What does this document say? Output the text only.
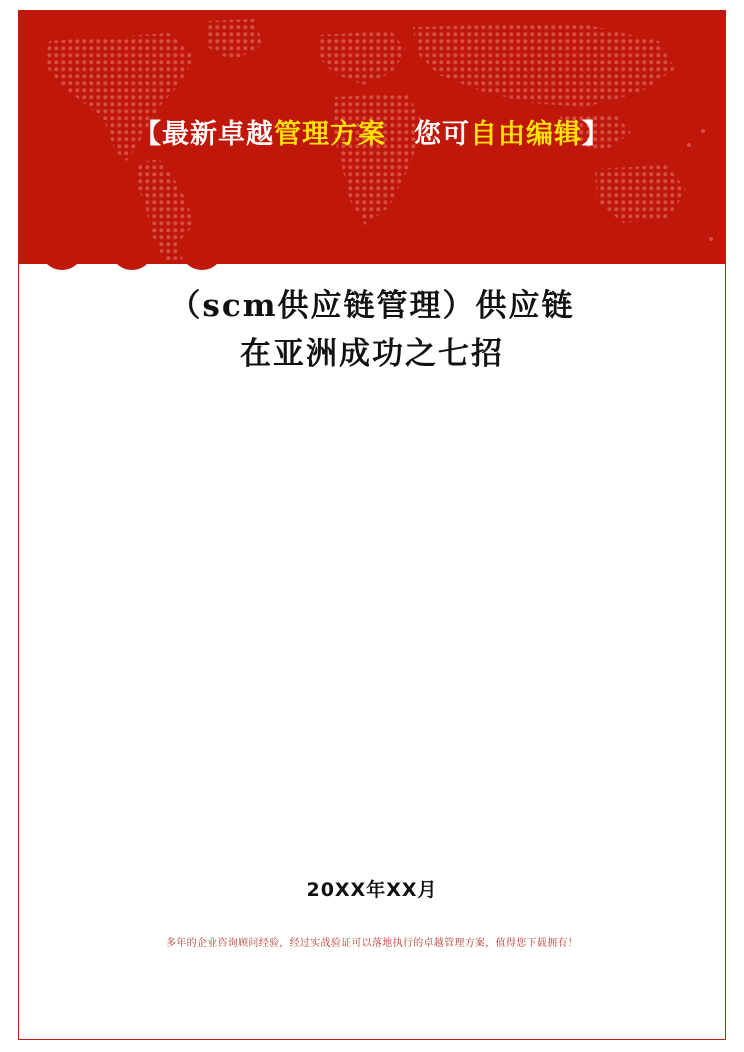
【最新卓越管理方案　您可自由编辑】
（scm供应链管理）供应链
在亚洲成功之七招
20XX年XX月
多年的企业咨询顾问经验，经过实战验证可以落地执行的卓越管理方案，值得您下载拥有！
